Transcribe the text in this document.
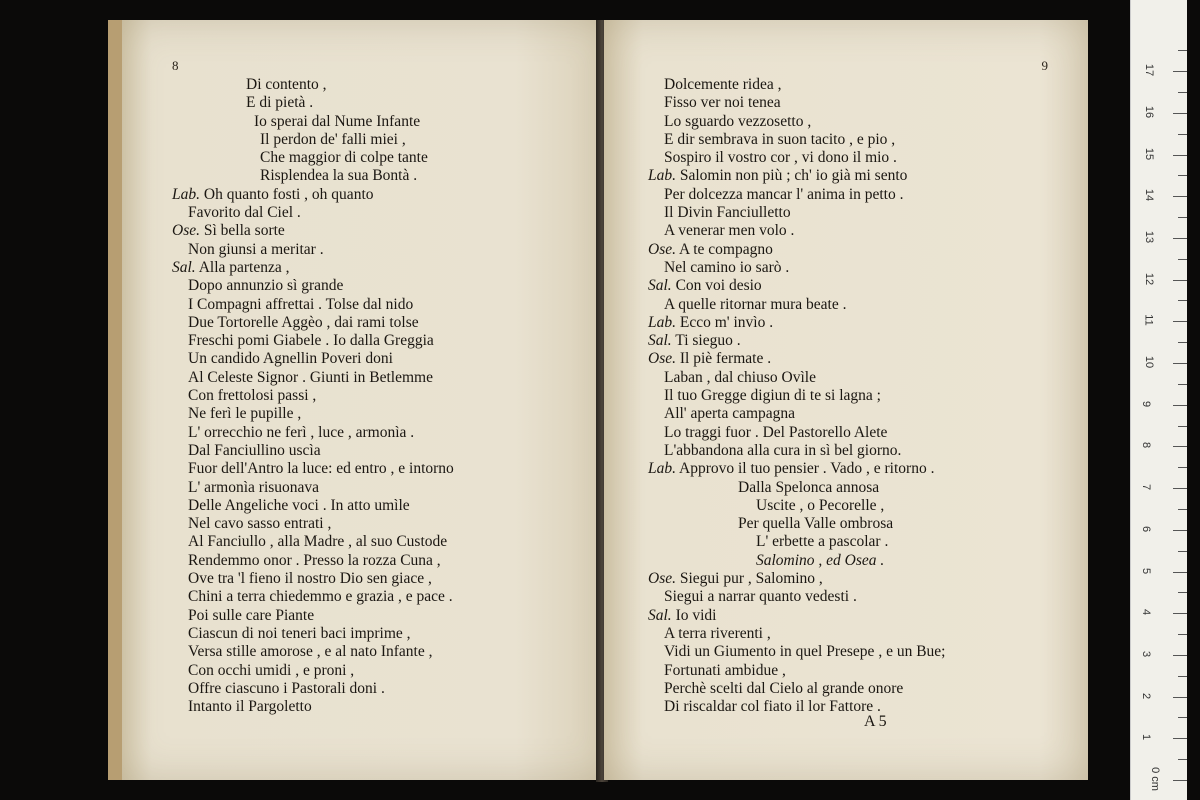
8
Di contento ,
E di pietà .
Io sperai dal Nume Infante
Il perdon de' falli miei ,
Che maggior di colpe tante
Risplendea la sua Bontà .
Lab. Oh quanto fosti , oh quanto
Favorito dal Ciel .
Ose. Sì bella sorte
Non giunsi a meritar .
Sal. Alla partenza ,
Dopo annunzio sì grande
I Compagni affrettai . Tolse dal nido
Due Tortorelle Aggèo , dai rami tolse
Freschi pomi Giabele . Io dalla Greggia
Un candido Agnellin Poveri doni
Al Celeste Signor . Giunti in Betlemme
Con frettolosi passi ,
Ne ferì le pupille ,
L' orrecchio ne ferì , luce , armonìa .
Dal Fanciullino uscìa
Fuor dell'Antro la luce: ed entro , e intorno
L' armonìa risuonava
Delle Angeliche voci . In atto umìle
Nel cavo sasso entrati ,
Al Fanciullo , alla Madre , al suo Custode
Rendemmo onor . Presso la rozza Cuna ,
Ove tra 'l fieno il nostro Dio sen giace ,
Chini a terra chiedemmo e grazia , e pace .
Poi sulle care Piante
Ciascun di noi teneri baci imprime ,
Versa stille amorose , e al nato Infante ,
Con occhi umidi , e proni ,
Offre ciascuno i Pastorali doni .
Intanto il Pargoletto
9
Dolcemente ridea ,
Fisso ver noi tenea
Lo sguardo vezzosetto ,
E dir sembrava in suon tacito , e pio ,
Sospiro il vostro cor , vi dono il mio .
Lab. Salomin non più ; ch' io già mi sento
Per dolcezza mancar l' anima in petto .
Il Divin Fanciulletto
A venerar men volo .
Ose. A te compagno
Nel camino io sarò .
Sal. Con voi desio
A quelle ritornar mura beate .
Lab. Ecco m' invìo .
Sal. Ti sieguo .
Ose. Il piè fermate .
Laban , dal chiuso Ovìle
Il tuo Gregge digiun di te si lagna ;
All' aperta campagna
Lo traggi fuor . Del Pastorello Alete
L'abbandona alla cura in sì bel giorno.
Lab. Approvo il tuo pensier . Vado , e ritorno .
Dalla Spelonca annosa
Uscite , o Pecorelle ,
Per quella Valle ombrosa
L' erbette a pascolar .
Salomino , ed Osea .
Ose. Siegui pur , Salomino ,
Siegui a narrar quanto vedesti .
Sal. Io vidi
A terra riverenti ,
Vidi un Giumento in quel Presepe , e un Bue;
Fortunati ambidue ,
Perchè scelti dal Cielo al grande onore
Di riscaldar col fiato il lor Fattore .
A 5
0 cm
1
2
3
4
5
6
7
8
9
10
11
12
13
14
15
16
17
